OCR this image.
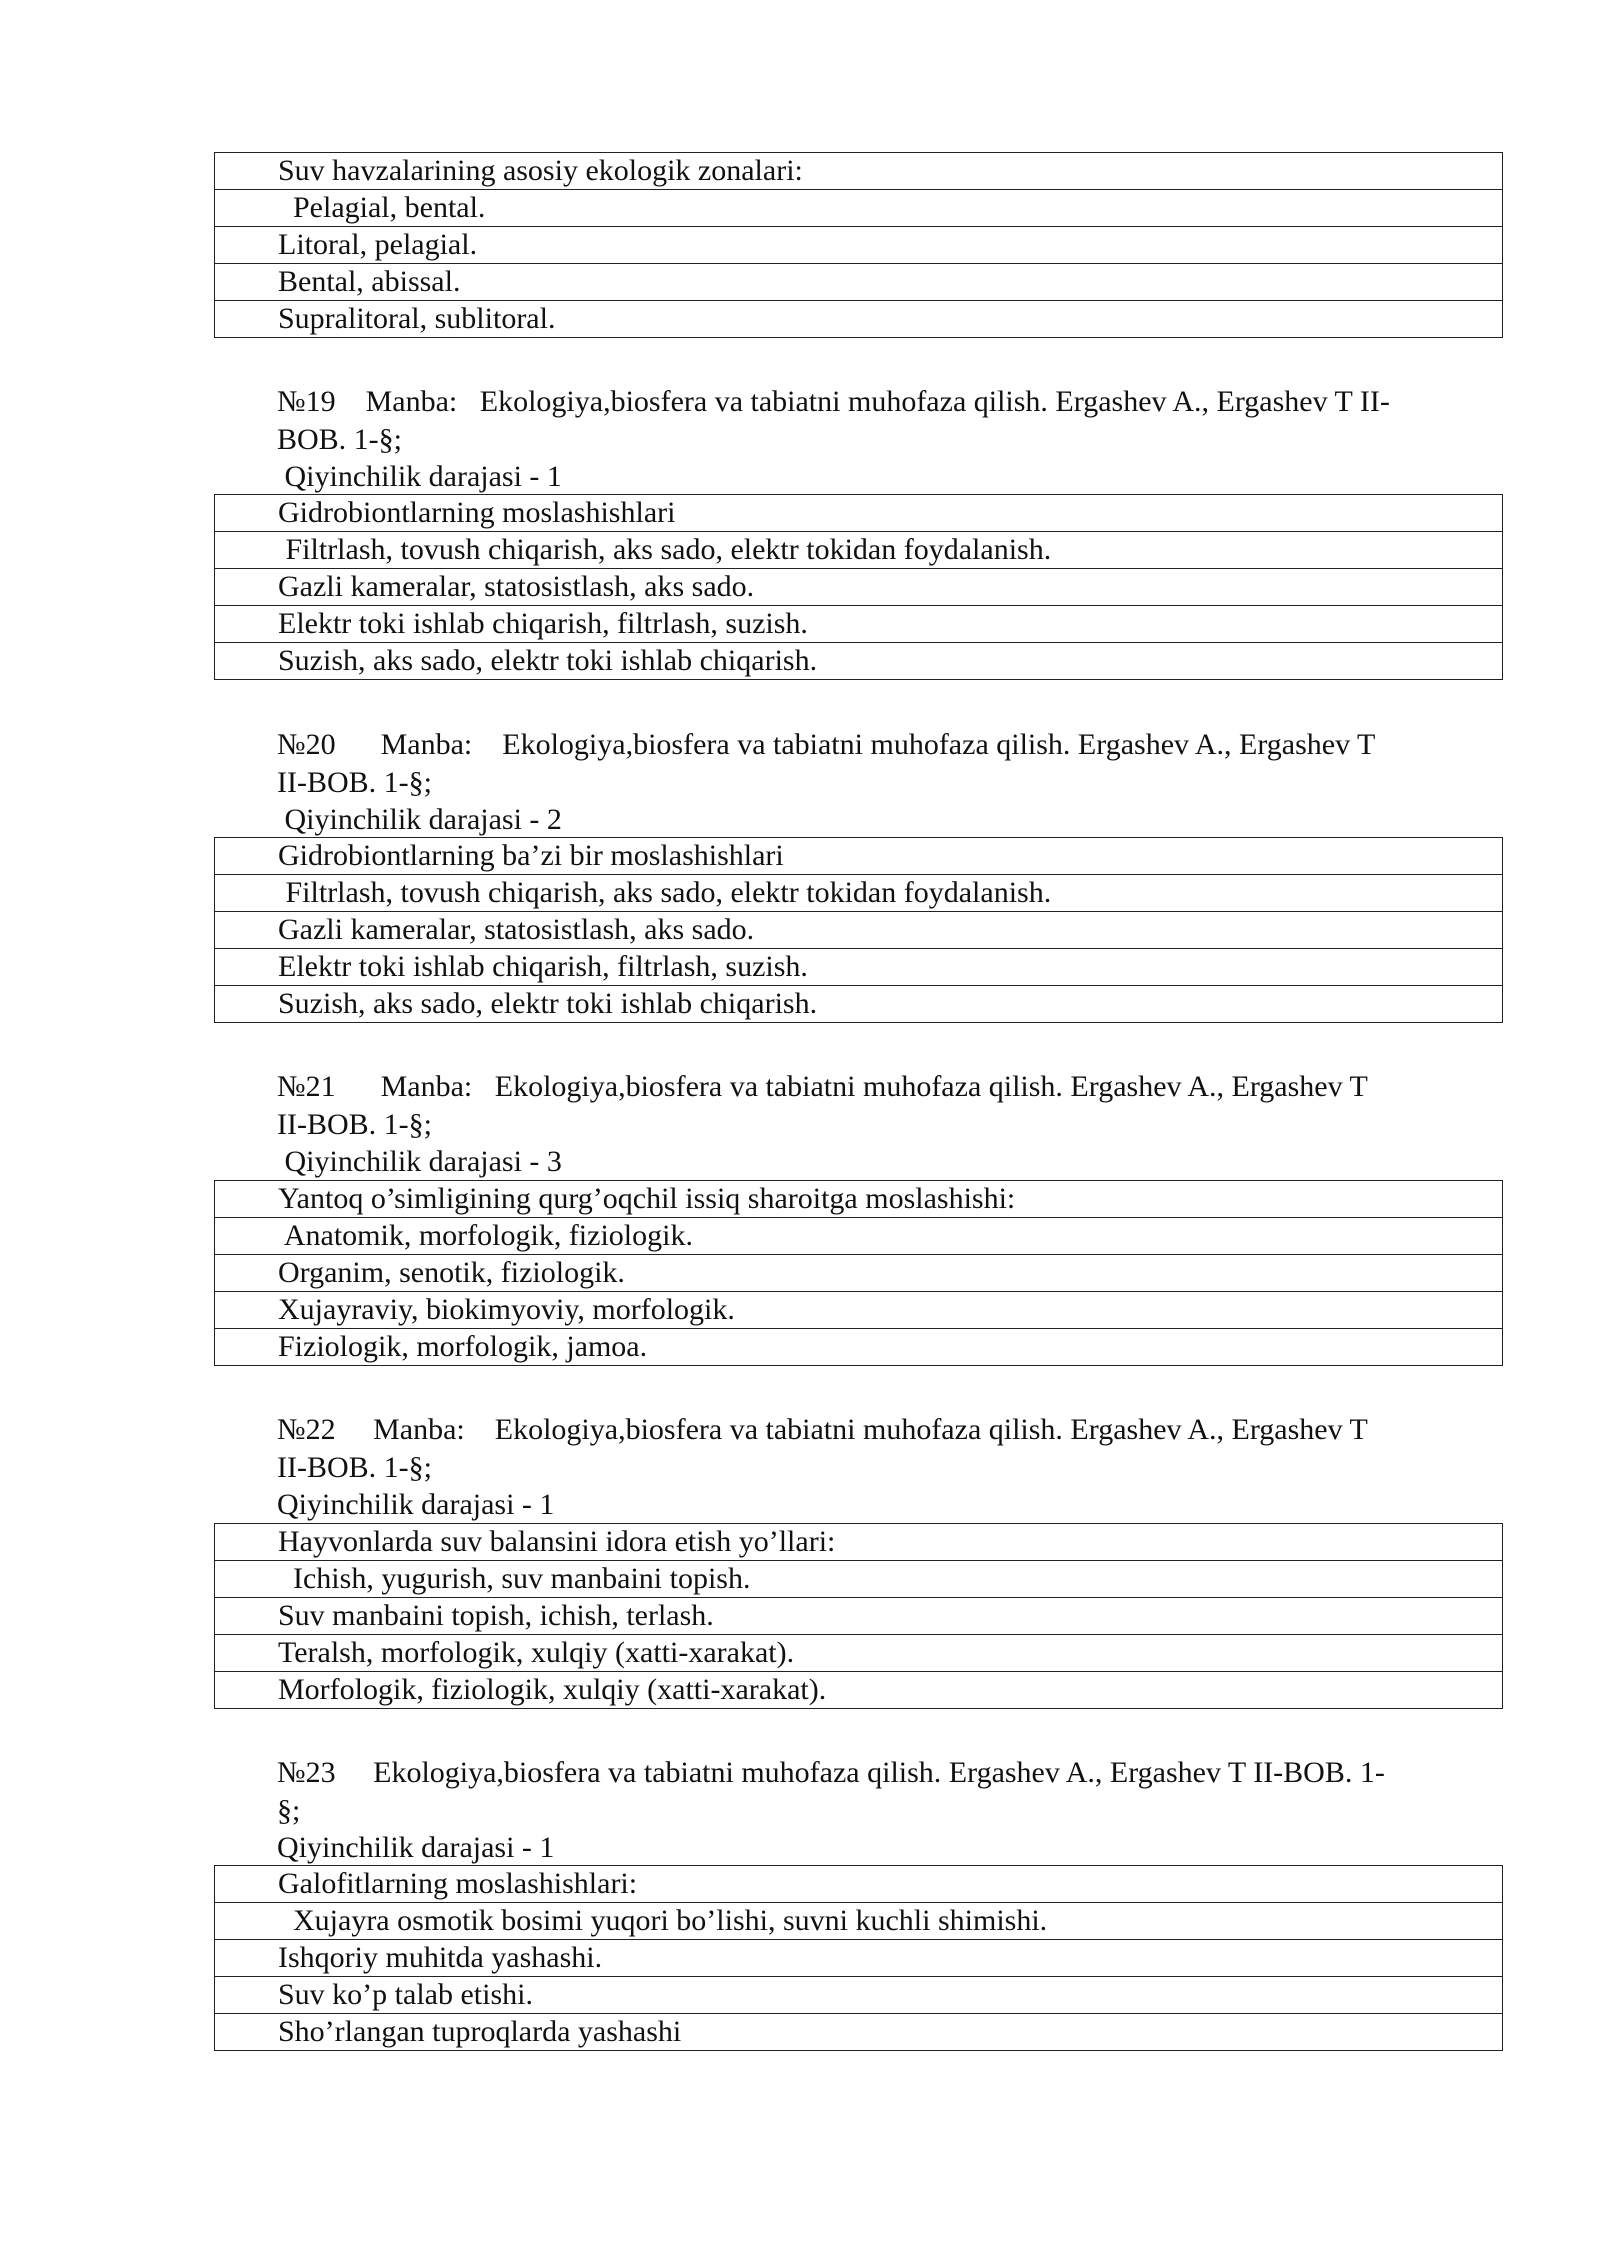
Suv havzalarining asosiy ekologik zonalari:
Pelagial, bental.
Litoral, pelagial.
Bental, abissal.
Supralitoral, sublitoral.
№19    Manba:   Ekologiya,biosfera va tabiatni muhofaza qilish. Ergashev A., Ergashev T II-
BOB. 1-§;
Qiyinchilik darajasi - 1
Gidrobiontlarning moslashishlari
Filtrlash, tovush chiqarish, aks sado, elektr tokidan foydalanish.
Gazli kameralar, statosistlash, aks sado.
Elektr toki ishlab chiqarish, filtrlash, suzish.
Suzish, aks sado, elektr toki ishlab chiqarish.
№20      Manba:    Ekologiya,biosfera va tabiatni muhofaza qilish. Ergashev A., Ergashev T
II-BOB. 1-§;
Qiyinchilik darajasi - 2
Gidrobiontlarning ba’zi bir moslashishlari
Filtrlash, tovush chiqarish, aks sado, elektr tokidan foydalanish.
Gazli kameralar, statosistlash, aks sado.
Elektr toki ishlab chiqarish, filtrlash, suzish.
Suzish, aks sado, elektr toki ishlab chiqarish.
№21      Manba:   Ekologiya,biosfera va tabiatni muhofaza qilish. Ergashev A., Ergashev T
II-BOB. 1-§;
Qiyinchilik darajasi - 3
Yantoq o’simligining qurg’oqchil issiq sharoitga moslashishi:
Anatomik, morfologik, fiziologik.
Organim, senotik, fiziologik.
Xujayraviy, biokimyoviy, morfologik.
Fiziologik, morfologik, jamoa.
№22     Manba:    Ekologiya,biosfera va tabiatni muhofaza qilish. Ergashev A., Ergashev T
II-BOB. 1-§;
Qiyinchilik darajasi - 1
Hayvonlarda suv balansini idora etish yo’llari:
Ichish, yugurish, suv manbaini topish.
Suv manbaini topish, ichish, terlash.
Teralsh, morfologik, xulqiy (xatti-xarakat).
Morfologik, fiziologik, xulqiy (xatti-xarakat).
№23     Ekologiya,biosfera va tabiatni muhofaza qilish. Ergashev A., Ergashev T II-BOB. 1-
§;
Qiyinchilik darajasi - 1
Galofitlarning moslashishlari:
Xujayra osmotik bosimi yuqori bo’lishi, suvni kuchli shimishi.
Ishqoriy muhitda yashashi.
Suv ko’p talab etishi.
Sho’rlangan tuproqlarda yashashi
